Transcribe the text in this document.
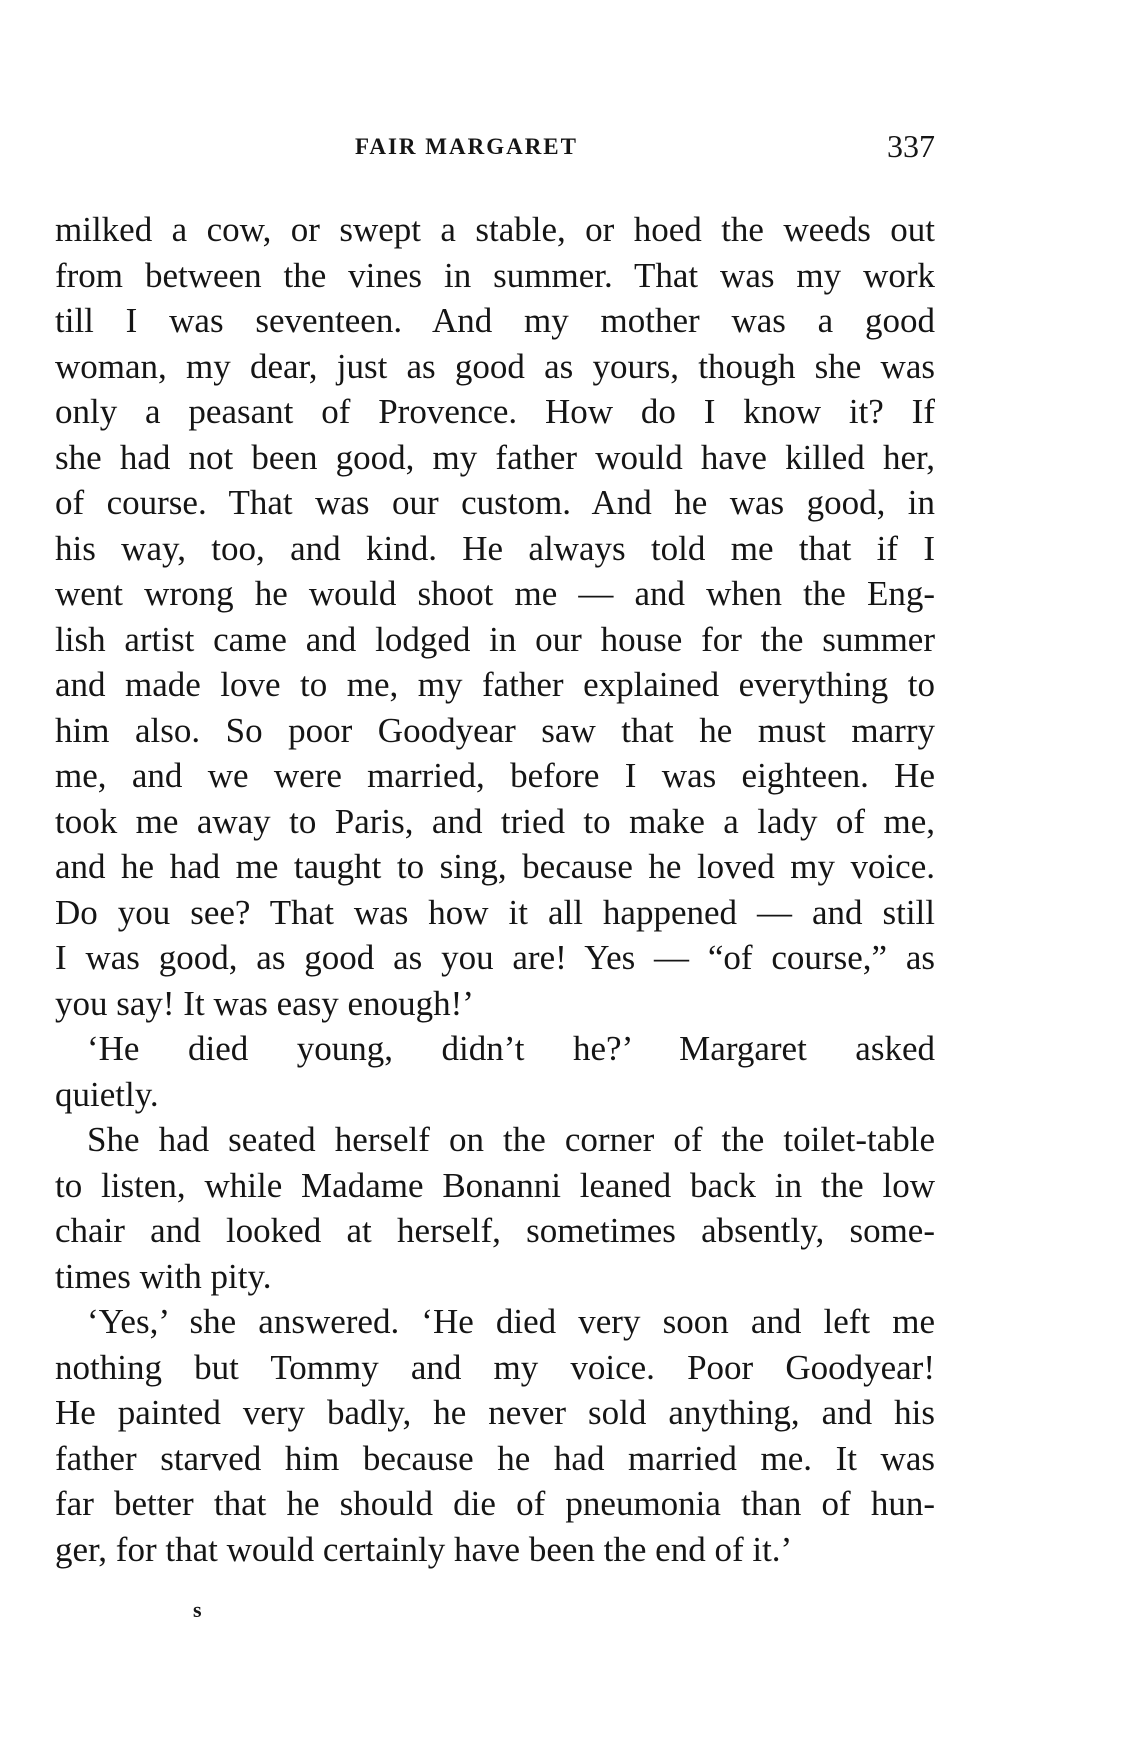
FAIR MARGARET	337
milked a cow, or swept a stable, or hoed the weeds out
from between the vines in summer. That was my work
till I was seventeen. And my mother was a good
woman, my dear, just as good as yours, though she was
only a peasant of Provence. How do I know it? If
she had not been good, my father would have killed her,
of course. That was our custom. And he was good, in
his way, too, and kind. He always told me that if I
went wrong he would shoot me — and when the Eng-
lish artist came and lodged in our house for the summer
and made love to me, my father explained everything to
him also. So poor Goodyear saw that he must marry
me, and we were married, before I was eighteen. He
took me away to Paris, and tried to make a lady of me,
and he had me taught to sing, because he loved my voice.
Do you see? That was how it all happened — and still
I was good, as good as you are! Yes — “of course,” as
you say! It was easy enough!’
‘He died young, didn’t he?’ Margaret asked
quietly.
She had seated herself on the corner of the toilet-table
to listen, while Madame Bonanni leaned back in the low
chair and looked at herself, sometimes absently, some-
times with pity.
‘Yes,’ she answered. ‘He died very soon and left me
nothing but Tommy and my voice. Poor Goodyear!
He painted very badly, he never sold anything, and his
father starved him because he had married me. It was
far better that he should die of pneumonia than of hun-
ger, for that would certainly have been the end of it.’
s
